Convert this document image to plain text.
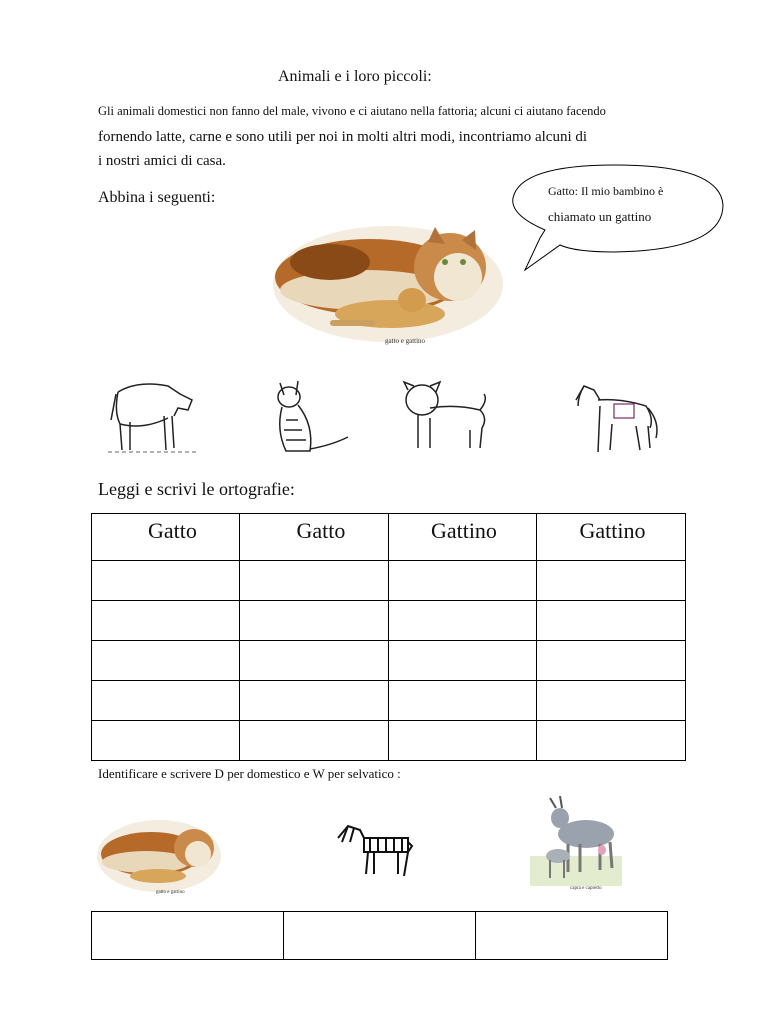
Animali e i loro piccoli:
Gli animali domestici non fanno del male, vivono e ci aiutano nella fattoria; alcuni ci aiutano facendo
fornendo latte, carne e sono utili per noi in molti altri modi, incontriamo alcuni di
i nostri amici di casa.
Abbina i seguenti:	Gatto: Il mio bambino è
chiamato un gattino
gatto e gattino
Leggi e scrivi le ortografie:
Gatto	Gatto	Gattino	Gattino

Identificare e scrivere D per domestico e W per selvatico :
gatto e gattino
capra e capretto
